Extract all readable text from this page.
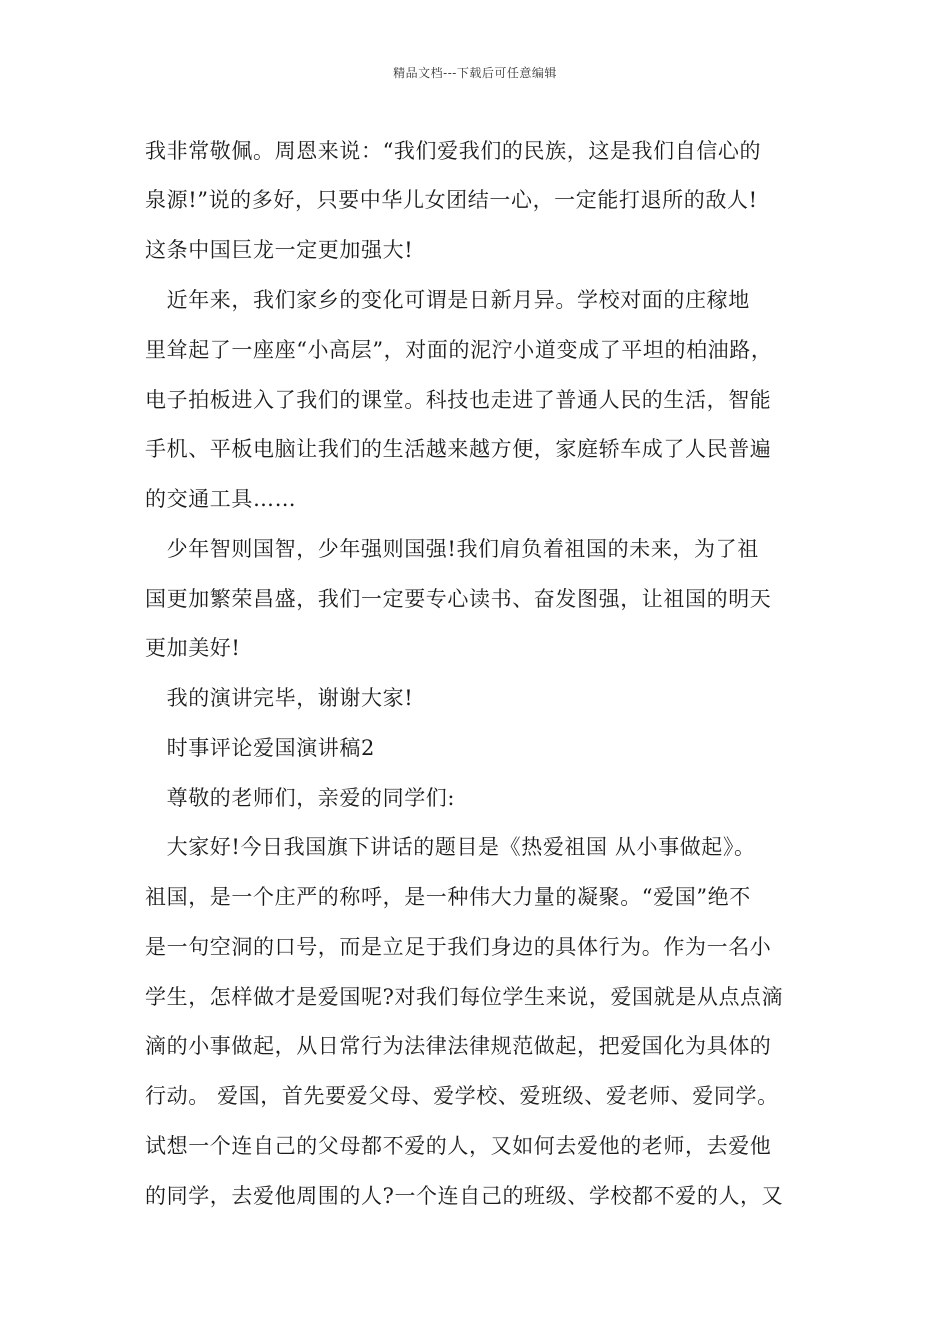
精品文档---下载后可任意编辑
我非常敬佩。周恩来说：“我们爱我们的民族，这是我们自信心的
泉源!”说的多好，只要中华儿女团结一心，一定能打退所的敌人!
这条中国巨龙一定更加强大!
　近年来，我们家乡的变化可谓是日新月异。学校对面的庄稼地
里耸起了一座座“小高层”，对面的泥泞小道变成了平坦的柏油路，
电子拍板进入了我们的课堂。科技也走进了普通人民的生活，智能
手机、平板电脑让我们的生活越来越方便，家庭轿车成了人民普遍
的交通工具……
　少年智则国智，少年强则国强!我们肩负着祖国的未来，为了祖
国更加繁荣昌盛，我们一定要专心读书、奋发图强，让祖国的明天
更加美好!
　我的演讲完毕，谢谢大家!
　时事评论爱国演讲稿2
　尊敬的老师们，亲爱的同学们:
　大家好!今日我国旗下讲话的题目是《热爱祖国 从小事做起》。
祖国，是一个庄严的称呼，是一种伟大力量的凝聚。“爱国”绝不
是一句空洞的口号，而是立足于我们身边的具体行为。作为一名小
学生，怎样做才是爱国呢?对我们每位学生来说，爱国就是从点点滴
滴的小事做起，从日常行为法律法律规范做起，把爱国化为具体的
行动。 爱国，首先要爱父母、爱学校、爱班级、爱老师、爱同学。
试想一个连自己的父母都不爱的人，又如何去爱他的老师，去爱他
的同学，去爱他周围的人?一个连自己的班级、学校都不爱的人，又
